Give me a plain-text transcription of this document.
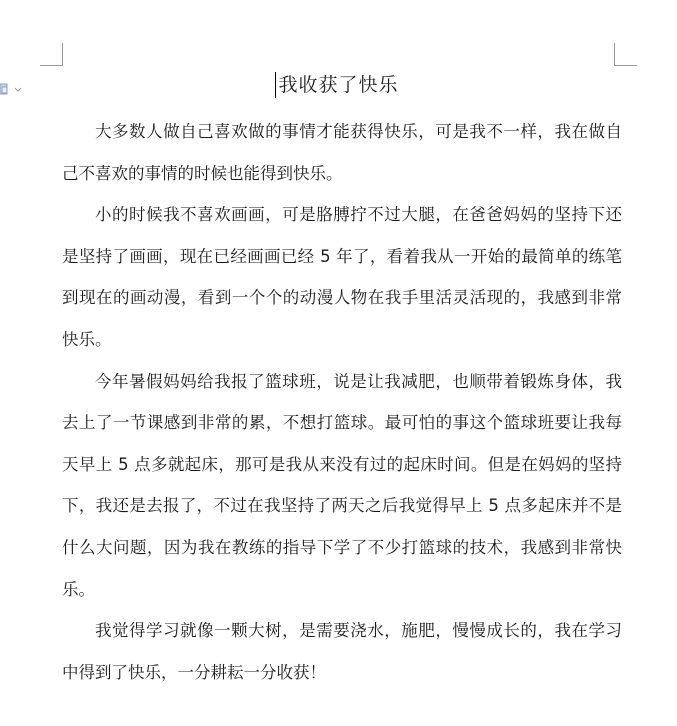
我收获了快乐

大多数人做自己喜欢做的事情才能获得快乐，可是我不一样，我在做自己不喜欢的事情的时候也能得到快乐。

小的时候我不喜欢画画，可是胳膊拧不过大腿，在爸爸妈妈的坚持下还是坚持了画画，现在已经画画已经 5 年了，看着我从一开始的最简单的练笔到现在的画动漫，看到一个个的动漫人物在我手里活灵活现的，我感到非常快乐。

今年暑假妈妈给我报了篮球班，说是让我减肥，也顺带着锻炼身体，我去上了一节课感到非常的累，不想打篮球。最可怕的事这个篮球班要让我每天早上 5 点多就起床，那可是我从来没有过的起床时间。但是在妈妈的坚持下，我还是去报了，不过在我坚持了两天之后我觉得早上 5 点多起床并不是什么大问题，因为我在教练的指导下学了不少打篮球的技术，我感到非常快乐。

我觉得学习就像一颗大树，是需要浇水，施肥，慢慢成长的，我在学习中得到了快乐，一分耕耘一分收获！
